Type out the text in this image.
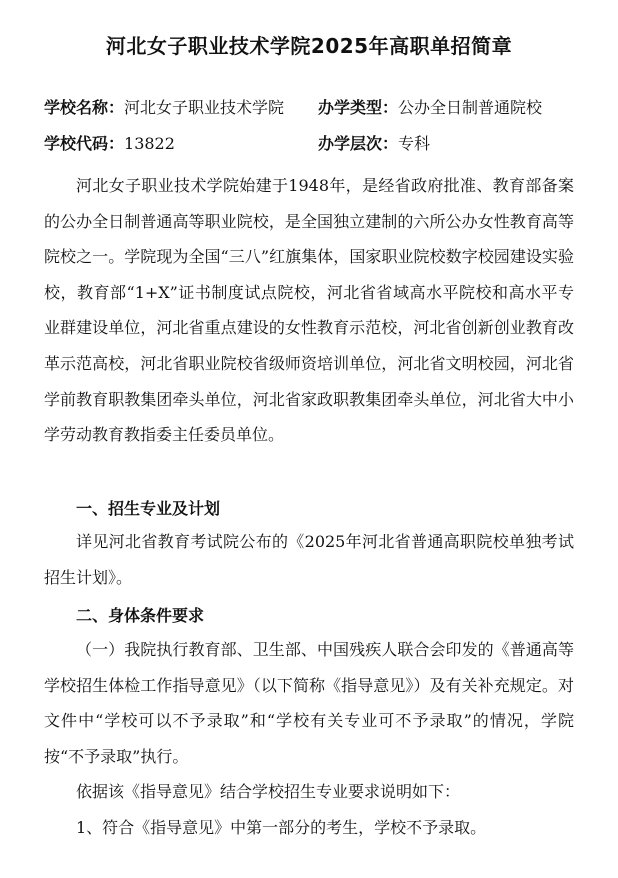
河北女子职业技术学院2025年高职单招简章
学校名称：河北女子职业技术学院 办学类型：公办全日制普通院校
学校代码：13822	办学层次：专科

河北女子职业技术学院始建于1948年，是经省政府批准、教育部备案的公办全日制普通高等职业院校，是全国独立建制的六所公办女性教育高等院校之一。学院现为全国“三八”红旗集体，国家职业院校数字校园建设实验校，教育部“1+X”证书制度试点院校，河北省省域高水平院校和高水平专业群建设单位，河北省重点建设的女性教育示范校，河北省创新创业教育改革示范高校，河北省职业院校省级师资培训单位，河北省文明校园，河北省学前教育职教集团牵头单位，河北省家政职教集团牵头单位，河北省大中小学劳动教育教指委主任委员单位。

一、招生专业及计划

详见河北省教育考试院公布的《2025年河北省普通高职院校单独考试招生计划》。

二、身体条件要求

（一）我院执行教育部、卫生部、中国残疾人联合会印发的《普通高等学校招生体检工作指导意见》（以下简称《指导意见》）及有关补充规定。对文件中“学校可以不予录取”和“学校有关专业可不予录取”的情况，学院按“不予录取”执行。

依据该《指导意见》结合学校招生专业要求说明如下：

1、符合《指导意见》中第一部分的考生，学校不予录取。
